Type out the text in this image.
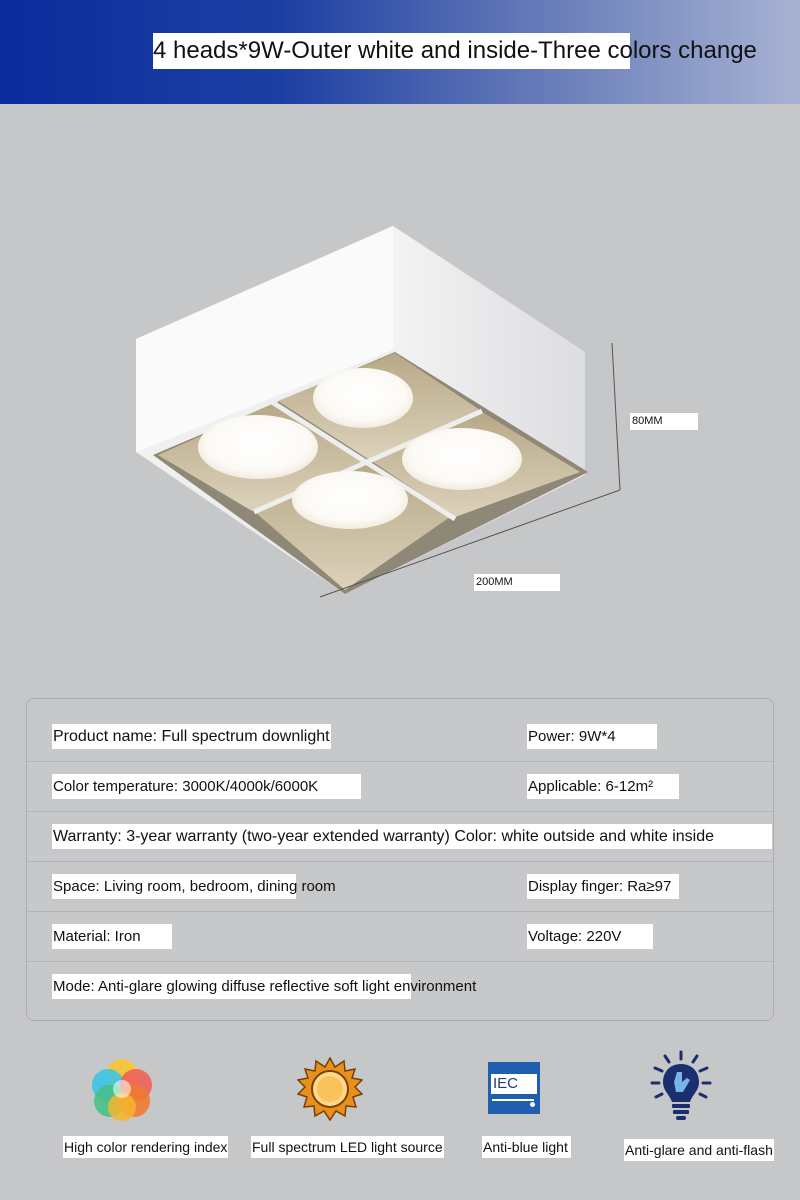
4 heads*9W-Outer white and inside-Three colors change
80MM
200MM
Product name: Full spectrum downlight	Power: 9W*4
Color temperature: 3000K/4000k/6000K	Applicable: 6-12m²
Warranty: 3-year warranty (two-year extended warranty) Color: white outside and white inside
Space: Living room, bedroom, dining room	Display finger: Ra≥97
Material: Iron	Voltage: 220V
Mode: Anti-glare glowing diffuse reflective soft light environment
High color rendering index Full spectrum LED light source
IEC
Anti-blue light	Anti-glare and anti-flash
